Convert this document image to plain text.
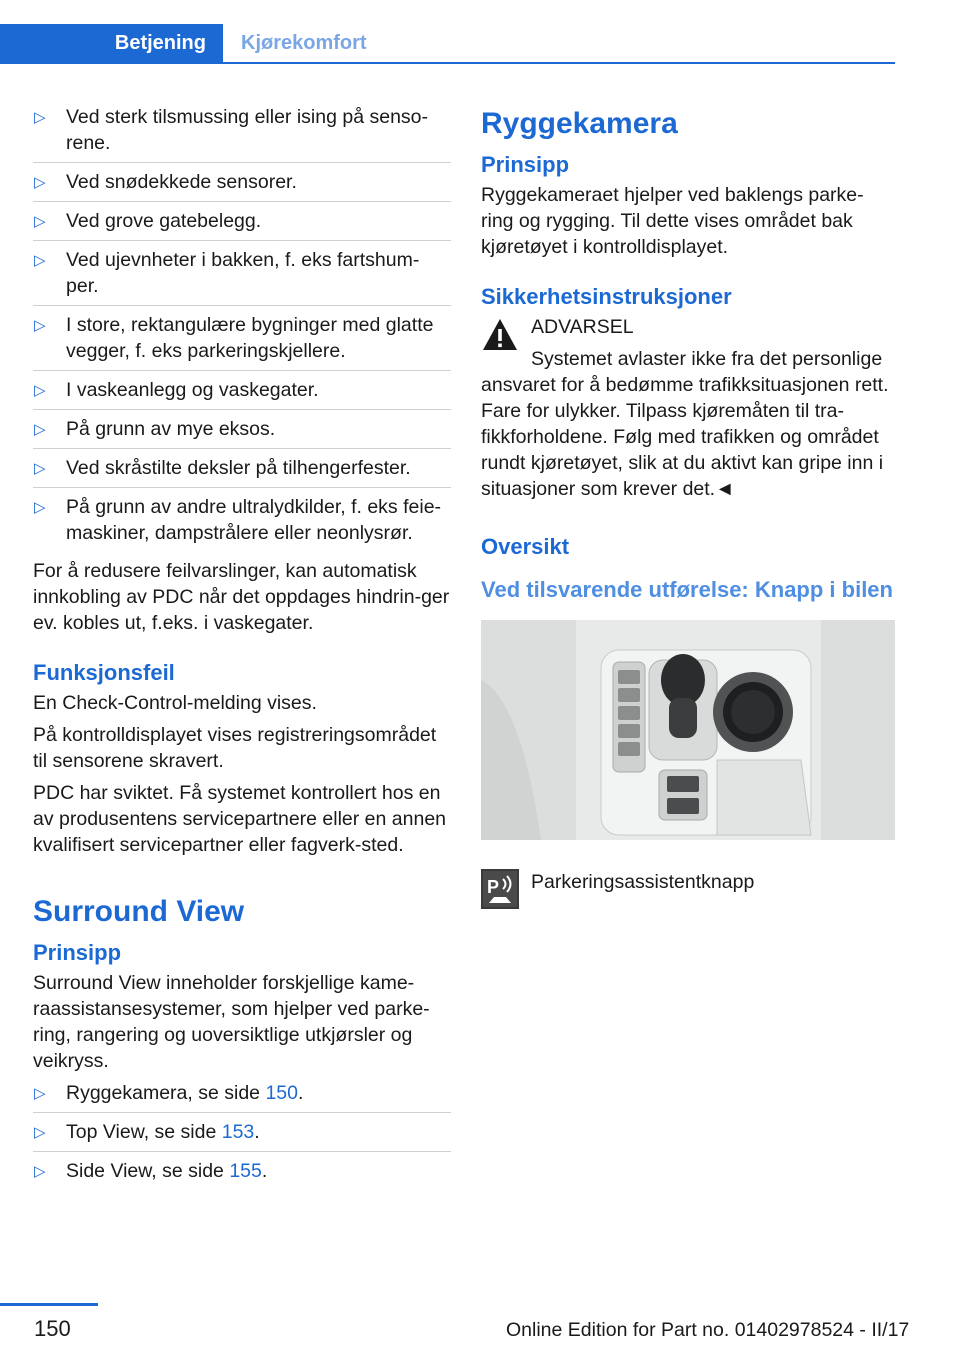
Betjening Kjørekomfort
▷ Ved sterk tilsmussing eller ising på senso-rene.
▷ Ved snødekkede sensorer.
▷ Ved grove gatebelegg.
▷ Ved ujevnheter i bakken, f. eks fartshum-per.
▷ I store, rektangulære bygninger med glatte vegger, f. eks parkeringskjellere.
▷ I vaskeanlegg og vaskegater.
▷ På grunn av mye eksos.
▷ Ved skråstilte deksler på tilhengerfester.
▷ På grunn av andre ultralydkilder, f. eks feie-maskiner, dampstrålere eller neonlysrør.

For å redusere feilvarslinger, kan automatisk innkobling av PDC når det oppdages hindrin-ger ev. kobles ut, f.eks. i vaskegater.

Funksjonsfeil

En Check-Control-melding vises.

På kontrolldisplayet vises registreringsområdet til sensorene skravert.

PDC har sviktet. Få systemet kontrollert hos en av produsentens servicepartnere eller en annen kvalifisert servicepartner eller fagverk-sted.

Surround View
Prinsipp

Surround View inneholder forskjellige kame-raassistansesystemer, som hjelper ved parke-ring, rangering og uoversiktlige utkjørsler og veikryss.

▷ Ryggekamera, se side 150.
▷ Top View, se side 153.
▷ Side View, se side 155.
Ryggekamera
Prinsipp

Ryggekameraet hjelper ved baklengs parke-ring og rygging. Til dette vises området bak kjøretøyet i kontrolldisplayet.

Sikkerhetsinstruksjoner

ADVARSEL

Systemet avlaster ikke fra det personlige ansvaret for å bedømme trafikksituasjonen rett. Fare for ulykker. Tilpass kjøremåten til tra-fikkforholdene. Følg med trafikken og området rundt kjøretøyet, slik at du aktivt kan gripe inn i situasjoner som krever det.◄

Oversikt
Ved tilsvarende utførelse: Knapp i bilen
P Parkeringsassistentknapp

150	Online Edition for Part no. 01402978524 - II/17
